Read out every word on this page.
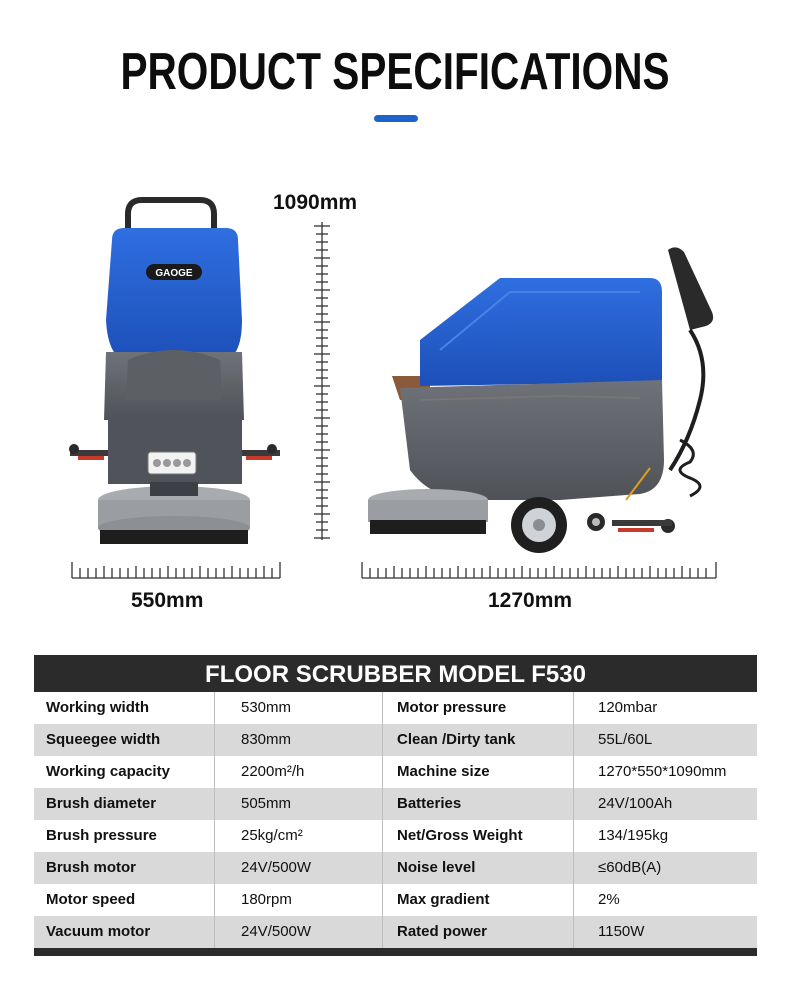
PRODUCT SPECIFICATIONS
1090mm
550mm	1270mm
GAOGE
FLOOR SCRUBBER MODEL F530
Working width	530mm	Motor pressure	120mbar
Squeegee width	830mm	Clean /Dirty tank	55L/60L
Working capacity	2200m²/h	Machine size	1270*550*1090mm
Brush diameter	505mm	Batteries	24V/100Ah
Brush pressure	25kg/cm²	Net/Gross Weight	134/195kg
Brush motor	24V/500W	Noise level	≤60dB(A)
Motor speed	180rpm	Max gradient	2%
Vacuum motor	24V/500W	Rated power	1150W
